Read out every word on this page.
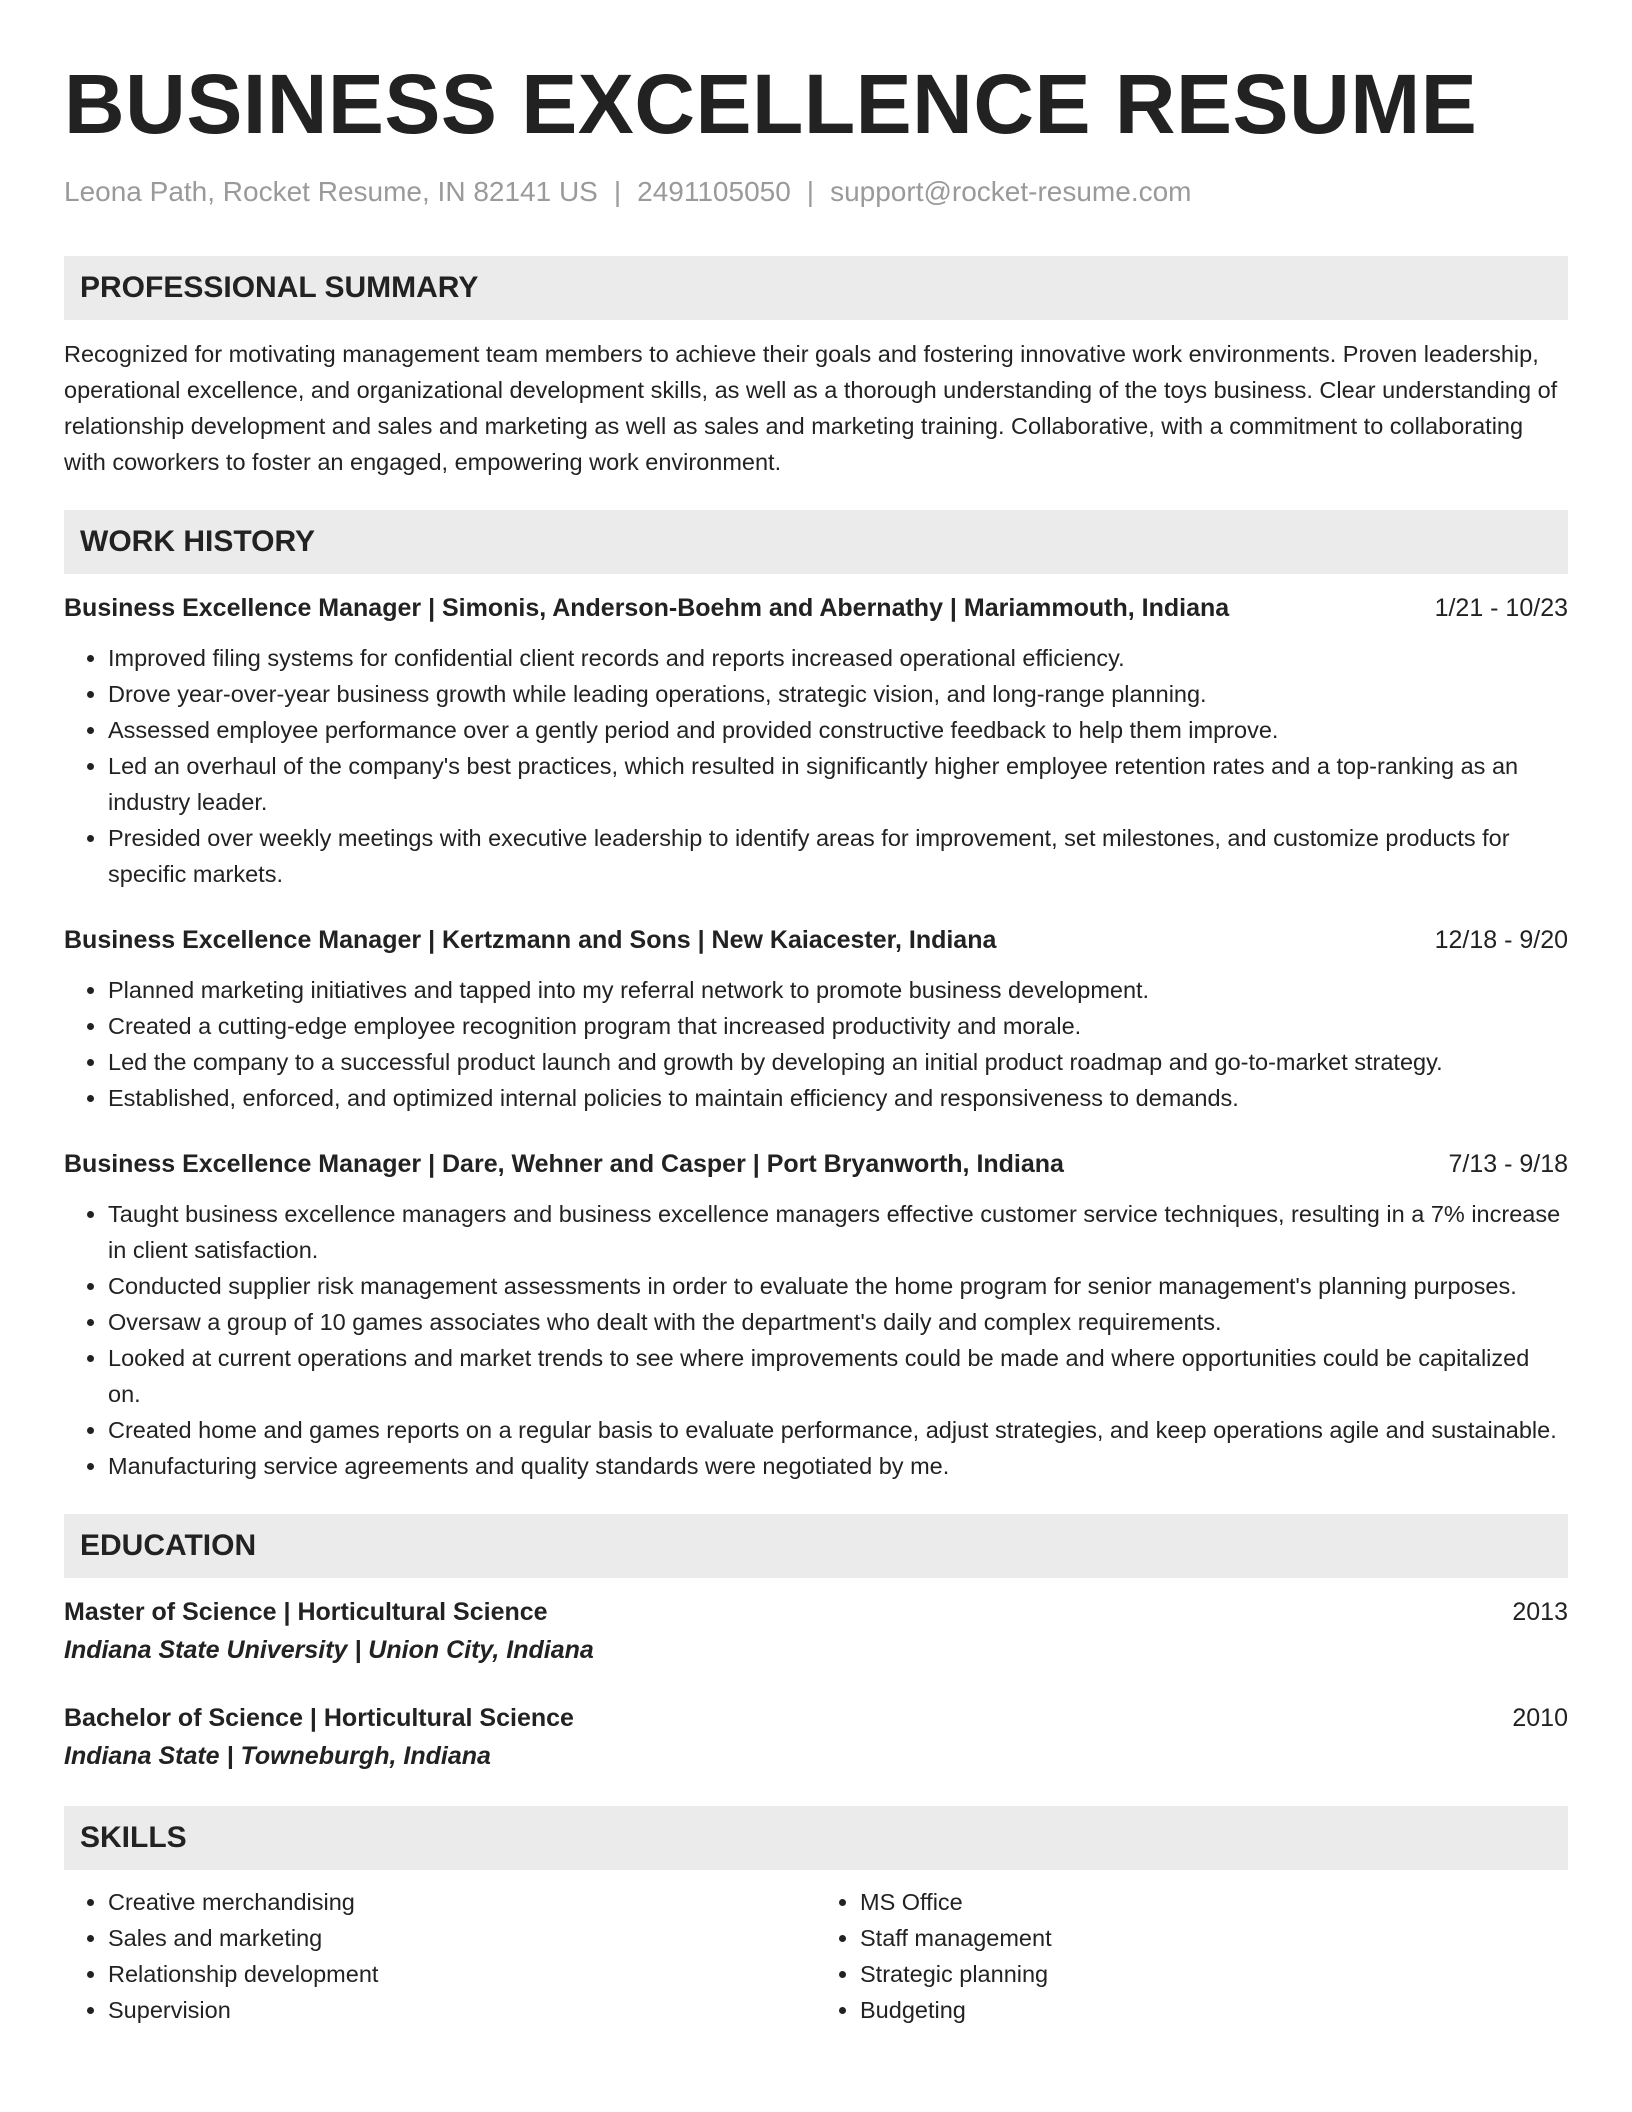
BUSINESS EXCELLENCE RESUME
Leona Path, Rocket Resume, IN 82141 US | 2491105050 | support@rocket-resume.com
PROFESSIONAL SUMMARY
Recognized for motivating management team members to achieve their goals and fostering innovative work environments. Proven leadership, operational excellence, and organizational development skills, as well as a thorough understanding of the toys business. Clear understanding of relationship development and sales and marketing as well as sales and marketing training. Collaborative, with a commitment to collaborating with coworkers to foster an engaged, empowering work environment.
WORK HISTORY
Business Excellence Manager | Simonis, Anderson-Boehm and Abernathy | Mariammouth, Indiana	1/21 - 10/23
• Improved filing systems for confidential client records and reports increased operational efficiency.
• Drove year-over-year business growth while leading operations, strategic vision, and long-range planning.
• Assessed employee performance over a gently period and provided constructive feedback to help them improve.
• Led an overhaul of the company's best practices, which resulted in significantly higher employee retention rates and a top-ranking as an industry leader.
• Presided over weekly meetings with executive leadership to identify areas for improvement, set milestones, and customize products for specific markets.
Business Excellence Manager | Kertzmann and Sons | New Kaiacester, Indiana	12/18 - 9/20
• Planned marketing initiatives and tapped into my referral network to promote business development.
• Created a cutting-edge employee recognition program that increased productivity and morale.
• Led the company to a successful product launch and growth by developing an initial product roadmap and go-to-market strategy.
• Established, enforced, and optimized internal policies to maintain efficiency and responsiveness to demands.
Business Excellence Manager | Dare, Wehner and Casper | Port Bryanworth, Indiana	7/13 - 9/18
• Taught business excellence managers and business excellence managers effective customer service techniques, resulting in a 7% increase in client satisfaction.
• Conducted supplier risk management assessments in order to evaluate the home program for senior management's planning purposes.
• Oversaw a group of 10 games associates who dealt with the department's daily and complex requirements.
• Looked at current operations and market trends to see where improvements could be made and where opportunities could be capitalized on.
• Created home and games reports on a regular basis to evaluate performance, adjust strategies, and keep operations agile and sustainable.
• Manufacturing service agreements and quality standards were negotiated by me.
EDUCATION
Master of Science | Horticultural Science	2013
Indiana State University | Union City, Indiana
Bachelor of Science | Horticultural Science	2010
Indiana State | Towneburgh, Indiana
SKILLS
• Creative merchandising
• Sales and marketing
• Relationship development
• Supervision
• MS Office
• Staff management
• Strategic planning
• Budgeting
